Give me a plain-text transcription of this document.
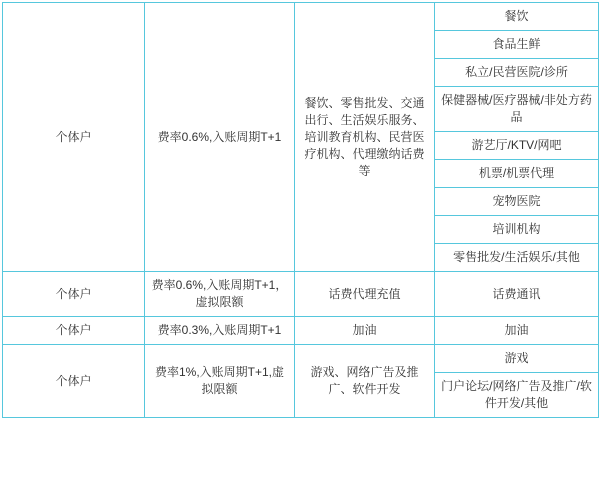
个体户	费率0.6%,入账周期T+1	餐饮、零售批发、交通出行、生活娱乐服务、培训教育机构、民营医疗机构、代理缴纳话费等	餐饮
			食品生鲜
			私立/民营医院/诊所
			保健器械/医疗器械/非处方药品
			游艺厅/KTV/网吧
			机票/机票代理
			宠物医院
			培训机构
			零售批发/生活娱乐/其他
个体户	费率0.6%,入账周期T+1，虚拟限额	话费代理充值	话费通讯
个体户	费率0.3%,入账周期T+1	加油	加油
个体户	费率1%,入账周期T+1,虚拟限额	游戏、网络广告及推广、软件开发	游戏
			门户论坛/网络广告及推广/软件开发/其他
